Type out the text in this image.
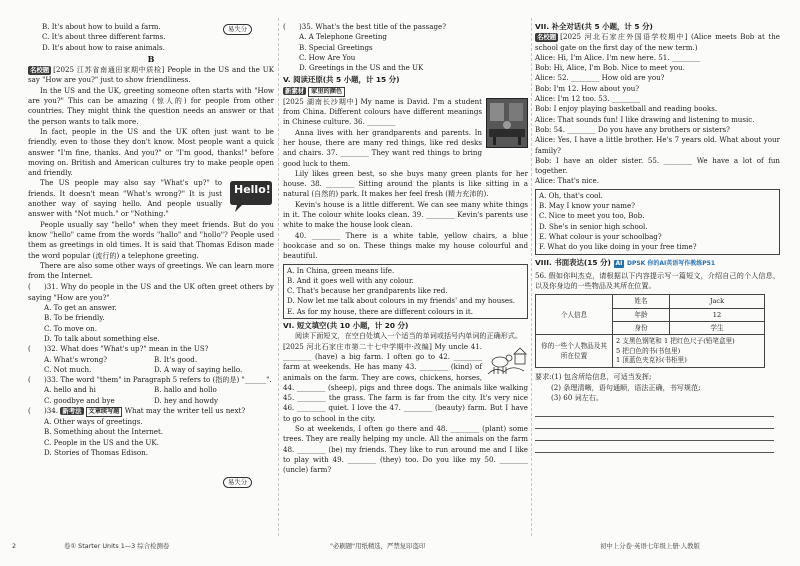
B. It's about how to build a farm.
C. It's about three different farms.
D. It's about how to raise animals.
B
名校题 [2025 江苏省南通田家期中质检] People in the US and the UK say "How are you?" just to show friendliness.
In the US and the UK, greeting someone often starts with "How are you?" This can be amazing (惊人的) for people from other countries. They might think the question needs an answer or that the person wants to talk more.
In fact, people in the US and the UK often just want to be friendly, even to those they don't know. Most people want a quick answer "I'm fine, thanks. And you?" or "I'm good, thanks!" before moving on. British and American cultures try to make people open and friendly.
Hello!
The US people may also say "What's up?" to friends. It doesn't mean "What's wrong?" It is just another way of saying hello. And people usually answer with "Not much." or "Nothing."
People usually say "hello" when they meet friends. But do you know "hello" came from the words "hallo" and "hollo"? People used them as greetings in old times. It is said that Thomas Edison made the word popular (流行的) a telephone greeting.
There are also some other ways of greetings. We can learn more from the Internet.
( )31. Why do people in the US and the UK often greet others by saying "How are you?"
A. To get an answer.
B. To be friendly.
C. To move on.
D. To talk about something else.
( )32. What does "What's up?" mean in the US?
A. What's wrong?	B. It's good.
C. Not much.	D. A way of saying hello.
( )33. The word "them" in Paragraph 5 refers to (指的是) "______".
A. hello and hi	B. hallo and hollo
C. goodbye and bye	D. hey and howdy
( )34. 新考法 文章续写题 What may the writer tell us next?
A. Other ways of greetings.
B. Something about the Internet.
C. People in the US and the UK.
D. Stories of Thomas Edison.
易失分
易失分
( )35. What's the best title of the passage?
A. A Telephone Greeting
B. Special Greetings
C. How Are You
D. Greetings in the US and the UK
V. 阅读还原(共 5 小题，计 15 分)
新素材 家里的颜色
[2025 湖南长沙期中] My name is David. I'm a student from China. Different colours have different meanings in Chinese culture. 36. ________
Anna lives with her grandparents and parents. In her house, there are many red things, like red desks and chairs. 37. ________ They want red things to bring good luck to them.
Lily likes green best, so she buys many green plants for her house. 38. ________ Sitting around the plants is like sitting in a natural (自然的) park. It makes her feel fresh (精力充沛的).
Kevin's house is a little different. We can see many white things in it. The colour white looks clean. 39. ________ Kevin's parents use white to make the house look clean.
40. ________ There is a white table, yellow chairs, a blue bookcase and so on. These things make my house colourful and beautiful.
A. In China, green means life.
B. And it goes well with any colour.
C. That's because her grandparents like red.
D. Now let me talk about colours in my friends' and my houses.
E. As for my house, there are different colours in it.
VI. 短文填空(共 10 小题，计 20 分)
阅读下面短文，在空白处填入一个适当的单词或括号内单词的正确形式。
[2025 河北石家庄市第二十七中学期中·改编] My uncle 41. ________ (have) a big farm. I often go to 42. ________ farm at weekends. He has many 43. ________ (kind) of animals on the farm. They are cows, chickens, horses, 44. ________ (sheep), pigs and three dogs. The animals like walking 45. ________ the grass. The farm is far from the city. It's very nice 46. ________ quiet. I love the 47. ________ (beauty) farm. But I have to go to school in the city.
So at weekends, I often go there and 48. ________ (plant) some trees. They are really helping my uncle. All the animals on the farm 48. ________ (be) my friends. They like to run around me and I like to play with 49. ________ (they) too. Do you like my 50. ________ (uncle) farm?
VII. 补全对话(共 5 小题，计 5 分)
名校题 [2025 河北石家庄外国语学校期中] (Alice meets Bob at the school gate on the first day of the new term.)
Alice: Hi, I'm Alice. I'm new here. 51. ________
Bob: Hi, Alice, I'm Bob. Nice to meet you.
Alice: 52. ________ How old are you?
Bob: I'm 12. How about you?
Alice: I'm 12 too. 53. ________
Bob: I enjoy playing basketball and reading books.
Alice: That sounds fun! I like drawing and listening to music.
Bob: 54. ________ Do you have any brothers or sisters?
Alice: Yes, I have a little brother. He's 7 years old. What about your family?
Bob: I have an older sister. 55. ________ We have a lot of fun together.
Alice: That's nice.
A. Oh, that's cool.
B. May I know your name?
C. Nice to meet you too, Bob.
D. She's in senior high school.
E. What colour is your schoolbag?
F. What do you like doing in your free time?
VIII. 书面表达(15 分) AI DPSK 你的AI英语写作教练P51
56. 假如你叫杰克，请根据以下内容提示写一篇短文，介绍自己的个人信息，以及你身边的一些物品及其所在位置。
个人信息	姓名	Jack
	年龄	12
	身份	学生
你的一些个人物品及其所在位置	2 支黑色钢笔和 1 把红色尺子(铅笔盒里)
5 把白色的书(书包里)
1 顶蓝色夹克衫(书柜里)	
要求:(1) 包含所给信息，可适当发挥;
(2) 条理清晰，语句通顺，语法正确，书写规范;
(3) 60 词左右。
2	卷① Starter Units 1—3 综合检测卷	"必刷题"用纸精选，严禁复印盗印	初中上分卷·英语七年级上册·人教版
